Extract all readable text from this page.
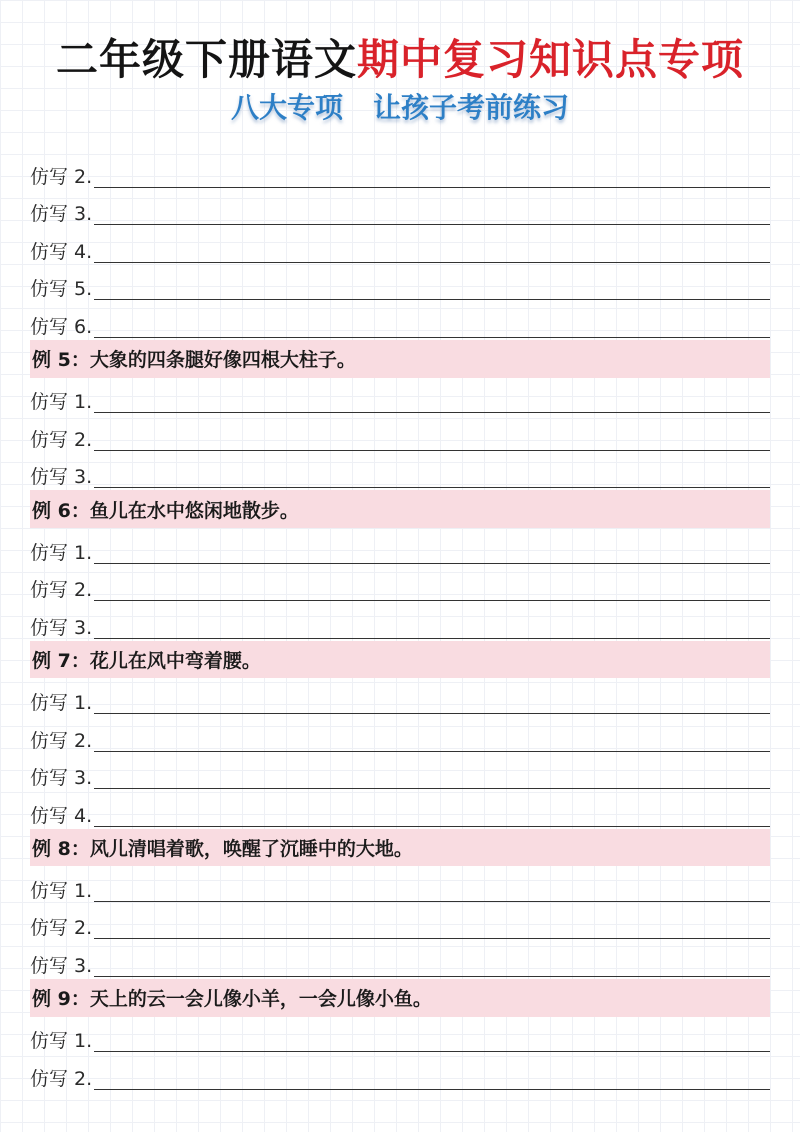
二年级下册语文期中复习知识点专项
八大专项 让孩子考前练习
仿写 2.
仿写 3.
仿写 4.
仿写 5.
仿写 6.
例 5：大象的四条腿好像四根大柱子。
仿写 1.
仿写 2.
仿写 3.
例 6：鱼儿在水中悠闲地散步。
仿写 1.
仿写 2.
仿写 3.
例 7：花儿在风中弯着腰。
仿写 1.
仿写 2.
仿写 3.
仿写 4.
例 8：风儿清唱着歌，唤醒了沉睡中的大地。
仿写 1.
仿写 2.
仿写 3.
例 9：天上的云一会儿像小羊，一会儿像小鱼。
仿写 1.
仿写 2.
